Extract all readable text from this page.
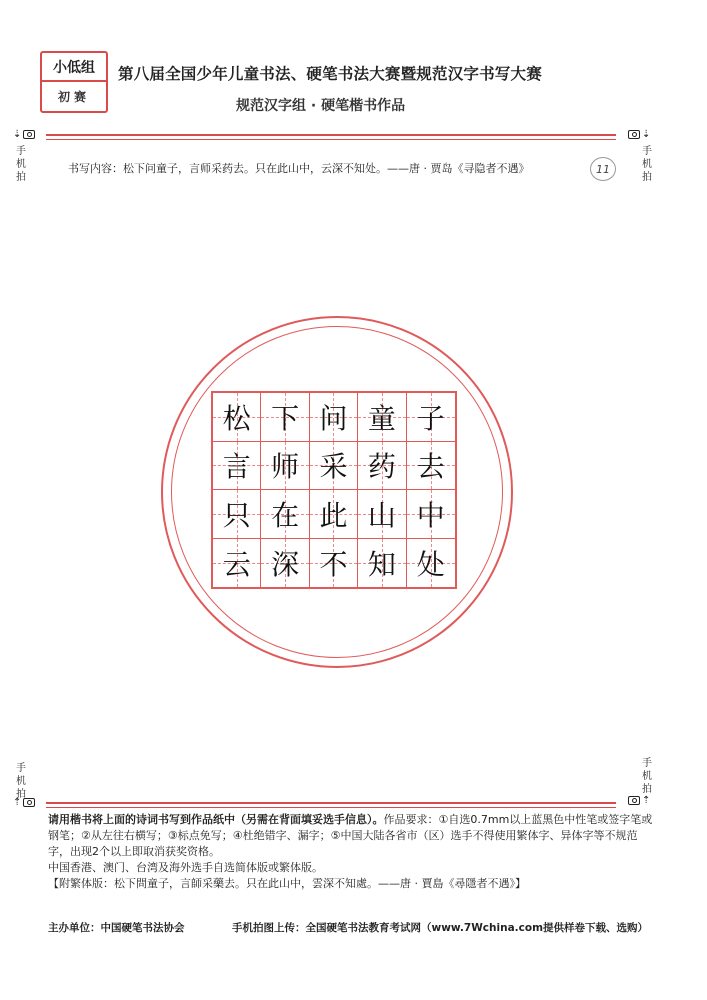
小低组
初赛
第八届全国少年儿童书法、硬笔书法大赛暨规范汉字书写大赛
规范汉字组 · 硬笔楷书作品
⇣
手
机
拍
⇣
手
机
拍
书写内容：松下问童子，言师采药去。只在此山中，云深不知处。——唐 · 贾岛《寻隐者不遇》	11
松 下 问 童 子
言 师 采 药 去
只 在 此 山 中
云 深 不 知 处
手
机
拍
⇡
手
机
拍
⇡

请用楷书将上面的诗词书写到作品纸中（另需在背面填妥选手信息）。作品要求：①自选0.7mm以上蓝黑色中性笔或签字笔或钢笔；②从左往右横写；③标点免写；④杜绝错字、漏字；⑤中国大陆各省市（区）选手不得使用繁体字、异体字等不规范字，出现2个以上即取消获奖资格。

中国香港、澳门、台湾及海外选手自选简体版或繁体版。

【附繁体版：松下問童子，言師采藥去。只在此山中，雲深不知處。——唐 · 賈島《尋隱者不遇》】

主办单位：中国硬笔书法协会	手机拍图上传：全国硬笔书法教育考试网（www.7Wchina.com提供样卷下载、选购）
